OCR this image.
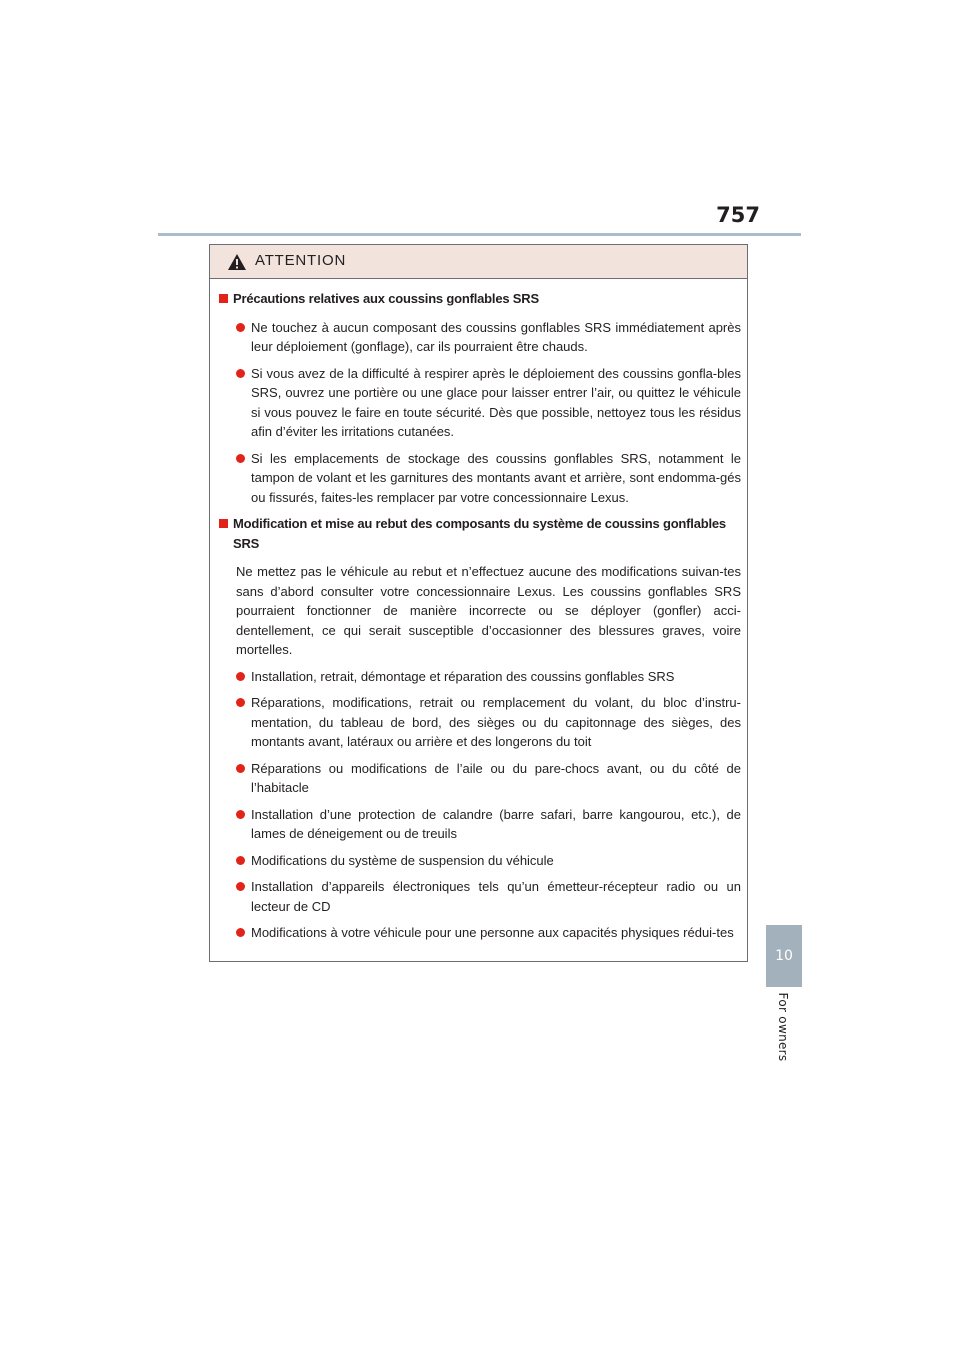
757
10
For owners
ATTENTION
Précautions relatives aux coussins gonflables SRS
Ne touchez à aucun composant des coussins gonflables SRS immédiatement après leur déploiement (gonflage), car ils pourraient être chauds.
Si vous avez de la difficulté à respirer après le déploiement des coussins gonfla-bles SRS, ouvrez une portière ou une glace pour laisser entrer l’air, ou quittez le véhicule si vous pouvez le faire en toute sécurité. Dès que possible, nettoyez tous les résidus afin d’éviter les irritations cutanées.
Si les emplacements de stockage des coussins gonflables SRS, notamment le tampon de volant et les garnitures des montants avant et arrière, sont endomma-gés ou fissurés, faites-les remplacer par votre concessionnaire Lexus.
Modification et mise au rebut des composants du système de coussins gonflables SRS
Ne mettez pas le véhicule au rebut et n’effectuez aucune des modifications suivan-tes sans d’abord consulter votre concessionnaire Lexus. Les coussins gonflables SRS pourraient fonctionner de manière incorrecte ou se déployer (gonfler) acci-dentellement, ce qui serait susceptible d’occasionner des blessures graves, voire mortelles.
Installation, retrait, démontage et réparation des coussins gonflables SRS
Réparations, modifications, retrait ou remplacement du volant, du bloc d’instru-mentation, du tableau de bord, des sièges ou du capitonnage des sièges, des montants avant, latéraux ou arrière et des longerons du toit
Réparations ou modifications de l’aile ou du pare-chocs avant, ou du côté de l’habitacle
Installation d’une protection de calandre (barre safari, barre kangourou, etc.), de lames de déneigement ou de treuils
Modifications du système de suspension du véhicule
Installation d’appareils électroniques tels qu’un émetteur-récepteur radio ou un lecteur de CD
Modifications à votre véhicule pour une personne aux capacités physiques rédui-tes
